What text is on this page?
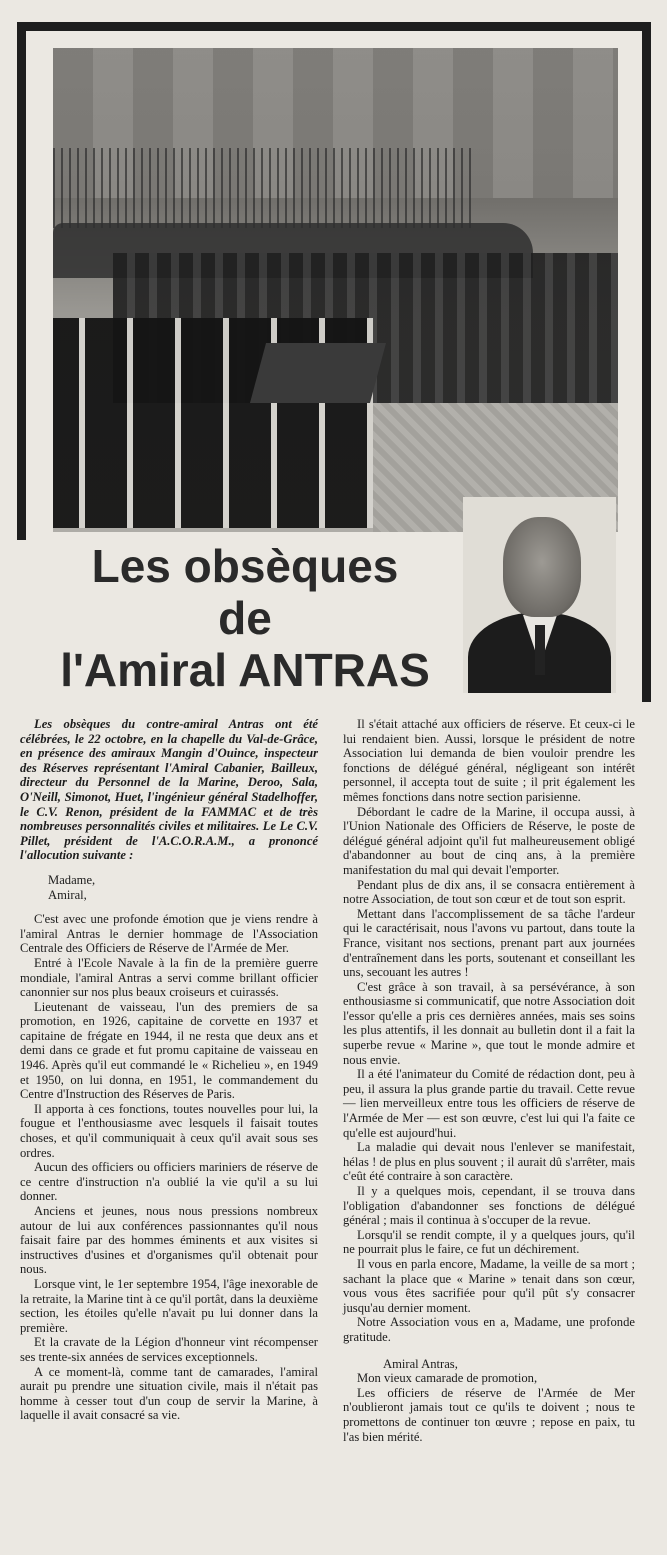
Les obsèques
de
l'Amiral ANTRAS

Les obsèques du contre-amiral Antras ont été célébrées, le 22 octobre, en la chapelle du Val-de-Grâce, en présence des amiraux Mangin d'Ouince, inspecteur des Réserves représentant l'Amiral Cabanier, Bailleux, directeur du Personnel de la Marine, Deroo, Sala, O'Neill, Simonot, Huet, l'ingénieur général Stadelhoffer, le C.V. Renon, président de la FAMMAC et de très nombreuses personnalités civiles et militaires. Le Le C.V. Pillet, président de l'A.C.O.R.A.M., a prononcé l'allocution suivante :

Madame,

Amiral,

C'est avec une profonde émotion que je viens rendre à l'amiral Antras le dernier hommage de l'Association Centrale des Officiers de Réserve de l'Armée de Mer.

Entré à l'Ecole Navale à la fin de la première guerre mondiale, l'amiral Antras a servi comme brillant officier canonnier sur nos plus beaux croiseurs et cuirassés.

Lieutenant de vaisseau, l'un des premiers de sa promotion, en 1926, capitaine de corvette en 1937 et capitaine de frégate en 1944, il ne resta que deux ans et demi dans ce grade et fut promu capitaine de vaisseau en 1946. Après qu'il eut commandé le « Richelieu », en 1949 et 1950, on lui donna, en 1951, le commandement du Centre d'Instruction des Réserves de Paris.

Il apporta à ces fonctions, toutes nouvelles pour lui, la fougue et l'enthousiasme avec lesquels il faisait toutes choses, et qu'il communiquait à ceux qu'il avait sous ses ordres.

Aucun des officiers ou officiers mariniers de réserve de ce centre d'instruction n'a oublié la vie qu'il a su lui donner.

Anciens et jeunes, nous nous pressions nombreux autour de lui aux conférences passionnantes qu'il nous faisait faire par des hommes éminents et aux visites si instructives d'usines et d'organismes qu'il obtenait pour nous.

Lorsque vint, le 1er septembre 1954, l'âge inexorable de la retraite, la Marine tint à ce qu'il portât, dans la deuxième section, les étoiles qu'elle n'avait pu lui donner dans la première.

Et la cravate de la Légion d'honneur vint récompenser ses trente-six années de services exceptionnels.

A ce moment-là, comme tant de camarades, l'amiral aurait pu prendre une situation civile, mais il n'était pas homme à cesser tout d'un coup de servir la Marine, à laquelle il avait consacré sa vie.

Il s'était attaché aux officiers de réserve. Et ceux-ci le lui rendaient bien. Aussi, lorsque le président de notre Association lui demanda de bien vouloir prendre les fonctions de délégué général, négligeant son intérêt personnel, il accepta tout de suite ; il prit également les mêmes fonctions dans notre section parisienne.

Débordant le cadre de la Marine, il occupa aussi, à l'Union Nationale des Officiers de Réserve, le poste de délégué général adjoint qu'il fut malheureusement obligé d'abandonner au bout de cinq ans, à la première manifestation du mal qui devait l'emporter.

Pendant plus de dix ans, il se consacra entièrement à notre Association, de tout son cœur et de tout son esprit.

Mettant dans l'accomplissement de sa tâche l'ardeur qui le caractérisait, nous l'avons vu partout, dans toute la France, visitant nos sections, prenant part aux journées d'entraînement dans les ports, soutenant et conseillant les uns, secouant les autres !

C'est grâce à son travail, à sa persévérance, à son enthousiasme si communicatif, que notre Association doit l'essor qu'elle a pris ces dernières années, mais ses soins les plus attentifs, il les donnait au bulletin dont il a fait la superbe revue « Marine », que tout le monde admire et nous envie.

Il a été l'animateur du Comité de rédaction dont, peu à peu, il assura la plus grande partie du travail. Cette revue — lien merveilleux entre tous les officiers de réserve de l'Armée de Mer — est son œuvre, c'est lui qui l'a faite ce qu'elle est aujourd'hui.

La maladie qui devait nous l'enlever se manifestait, hélas ! de plus en plus souvent ; il aurait dû s'arrêter, mais c'eût été contraire à son caractère.

Il y a quelques mois, cependant, il se trouva dans l'obligation d'abandonner ses fonctions de délégué général ; mais il continua à s'occuper de la revue.

Lorsqu'il se rendit compte, il y a quelques jours, qu'il ne pourrait plus le faire, ce fut un déchirement.

Il vous en parla encore, Madame, la veille de sa mort ; sachant la place que « Marine » tenait dans son cœur, vous vous êtes sacrifiée pour qu'il pût s'y consacrer jusqu'au dernier moment.

Notre Association vous en a, Madame, une profonde gratitude.

Amiral Antras,

Mon vieux camarade de promotion,

Les officiers de réserve de l'Armée de Mer n'oublieront jamais tout ce qu'ils te doivent ; nous te promettons de continuer ton œuvre ; repose en paix, tu l'as bien mérité.
